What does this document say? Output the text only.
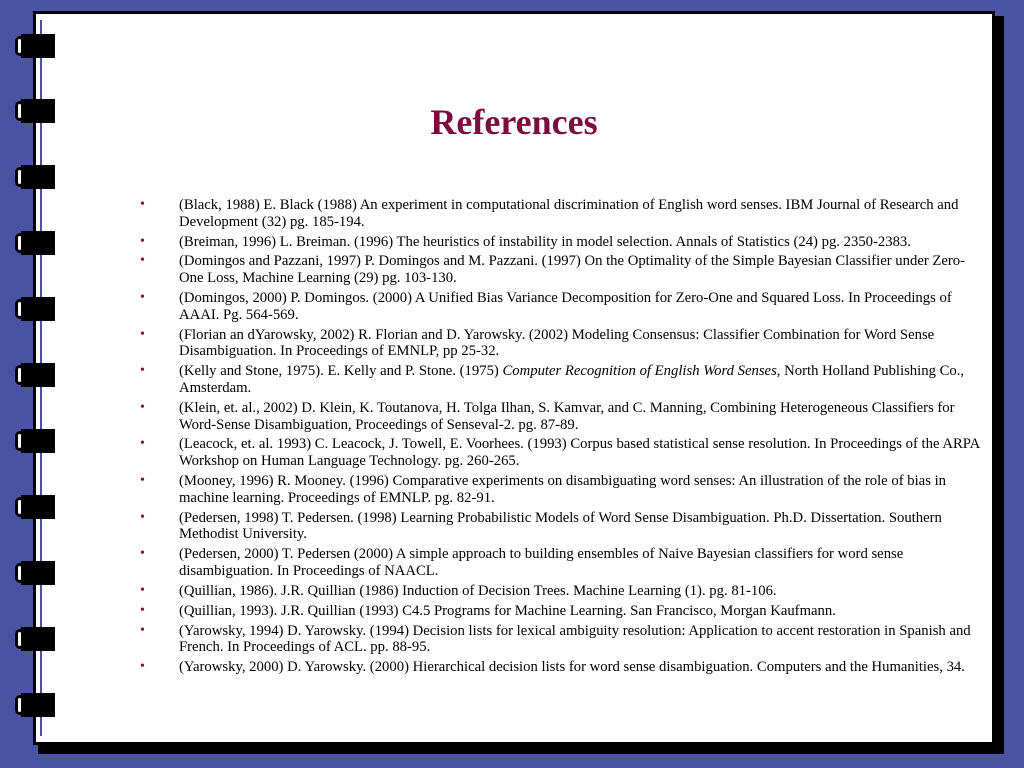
References
• (Black, 1988) E. Black (1988) An experiment in computational discrimination of English word senses. IBM Journal of Research and Development (32) pg. 185-194.
• (Breiman, 1996) L. Breiman. (1996) The heuristics of instability in model selection. Annals of Statistics (24) pg. 2350-2383.
• (Domingos and Pazzani, 1997) P. Domingos and M. Pazzani. (1997) On the Optimality of the Simple Bayesian Classifier under Zero-One Loss, Machine Learning (29) pg. 103-130.
• (Domingos, 2000) P. Domingos. (2000) A Unified Bias Variance Decomposition for Zero-One and Squared Loss. In Proceedings of AAAI. Pg. 564-569.
• (Florian an dYarowsky, 2002) R. Florian and D. Yarowsky. (2002) Modeling Consensus: Classifier Combination for Word Sense Disambiguation. In Proceedings of EMNLP, pp 25-32.
• (Kelly and Stone, 1975). E. Kelly and P. Stone. (1975) Computer Recognition of English Word Senses, North Holland Publishing Co., Amsterdam.
• (Klein, et. al., 2002) D. Klein, K. Toutanova, H. Tolga Ilhan, S. Kamvar, and C. Manning, Combining Heterogeneous Classifiers for Word-Sense Disambiguation, Proceedings of Senseval-2. pg. 87-89.
• (Leacock, et. al. 1993) C. Leacock, J. Towell, E. Voorhees. (1993) Corpus based statistical sense resolution. In Proceedings of the ARPA Workshop on Human Language Technology. pg. 260-265.
• (Mooney, 1996) R. Mooney. (1996) Comparative experiments on disambiguating word senses: An illustration of the role of bias in machine learning. Proceedings of EMNLP. pg. 82-91.
• (Pedersen, 1998) T. Pedersen. (1998) Learning Probabilistic Models of Word Sense Disambiguation. Ph.D. Dissertation. Southern Methodist University.
• (Pedersen, 2000) T. Pedersen (2000) A simple approach to building ensembles of Naive Bayesian classifiers for word sense disambiguation. In Proceedings of NAACL.
• (Quillian, 1986). J.R. Quillian (1986) Induction of Decision Trees. Machine Learning (1). pg. 81-106.
• (Quillian, 1993). J.R. Quillian (1993) C4.5 Programs for Machine Learning. San Francisco, Morgan Kaufmann.
• (Yarowsky, 1994) D. Yarowsky. (1994) Decision lists for lexical ambiguity resolution: Application to accent restoration in Spanish and French. In Proceedings of ACL. pp. 88-95.
• (Yarowsky, 2000) D. Yarowsky. (2000) Hierarchical decision lists for word sense disambiguation. Computers and the Humanities, 34.
